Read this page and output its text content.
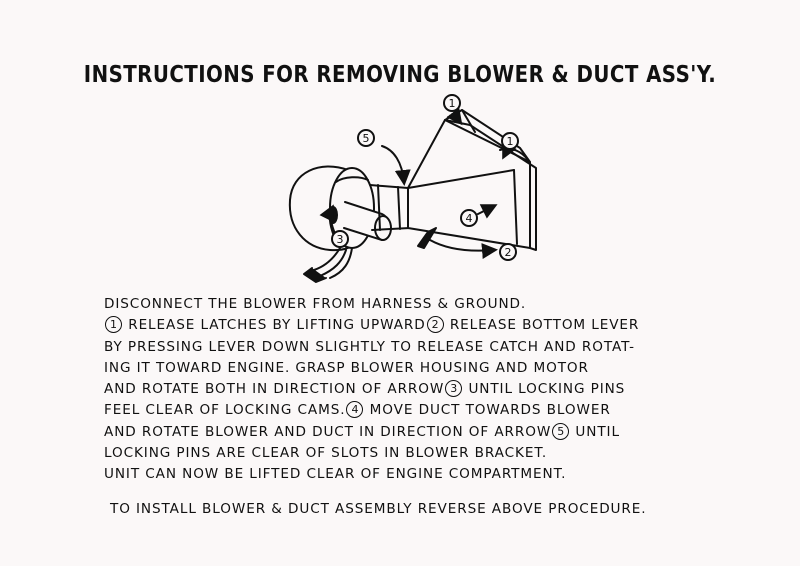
INSTRUCTIONS FOR REMOVING BLOWER & DUCT ASS'Y.
1
1
2
3
4
5
DISCONNECT THE BLOWER FROM HARNESS & GROUND.
1 RELEASE LATCHES BY LIFTING UPWARD 2 RELEASE BOTTOM LEVER
BY PRESSING LEVER DOWN SLIGHTLY TO RELEASE CATCH AND ROTAT-
ING IT TOWARD ENGINE. GRASP BLOWER HOUSING AND MOTOR
AND ROTATE BOTH IN DIRECTION OF ARROW 3 UNTIL LOCKING PINS
FEEL CLEAR OF LOCKING CAMS. 4 MOVE DUCT TOWARDS BLOWER
AND ROTATE BLOWER AND DUCT IN DIRECTION OF ARROW 5 UNTIL
LOCKING PINS ARE CLEAR OF SLOTS IN BLOWER BRACKET.
UNIT CAN NOW BE LIFTED CLEAR OF ENGINE COMPARTMENT.
TO INSTALL BLOWER & DUCT ASSEMBLY REVERSE ABOVE PROCEDURE.
